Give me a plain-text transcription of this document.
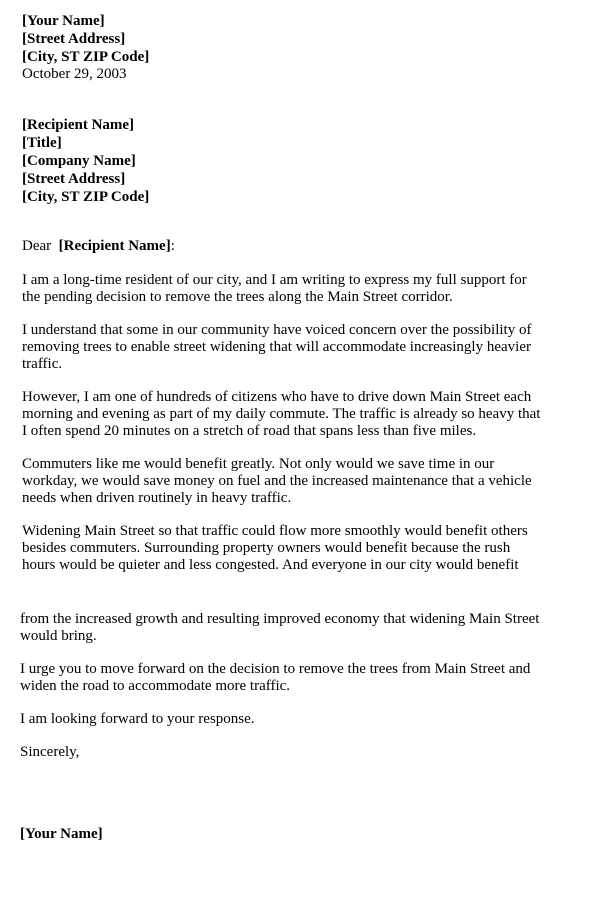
[Your Name]

[Street Address]

[City, ST ZIP Code]

October 29, 2003

[Recipient Name]

[Title]

[Company Name]

[Street Address]

[City, ST ZIP Code]

Dear  [Recipient Name]:

I am a long-time resident of our city, and I am writing to express my full support for
the pending decision to remove the trees along the Main Street corridor.

I understand that some in our community have voiced concern over the possibility of
removing trees to enable street widening that will accommodate increasingly heavier
traffic.

However, I am one of hundreds of citizens who have to drive down Main Street each
morning and evening as part of my daily commute. The traffic is already so heavy that
I often spend 20 minutes on a stretch of road that spans less than five miles.

Commuters like me would benefit greatly. Not only would we save time in our
workday, we would save money on fuel and the increased maintenance that a vehicle
needs when driven routinely in heavy traffic.

Widening Main Street so that traffic could flow more smoothly would benefit others
besides commuters. Surrounding property owners would benefit because the rush
hours would be quieter and less congested. And everyone in our city would benefit

from the increased growth and resulting improved economy that widening Main Street
would bring.

I urge you to move forward on the decision to remove the trees from Main Street and
widen the road to accommodate more traffic.

I am looking forward to your response.

Sincerely,

[Your Name]
